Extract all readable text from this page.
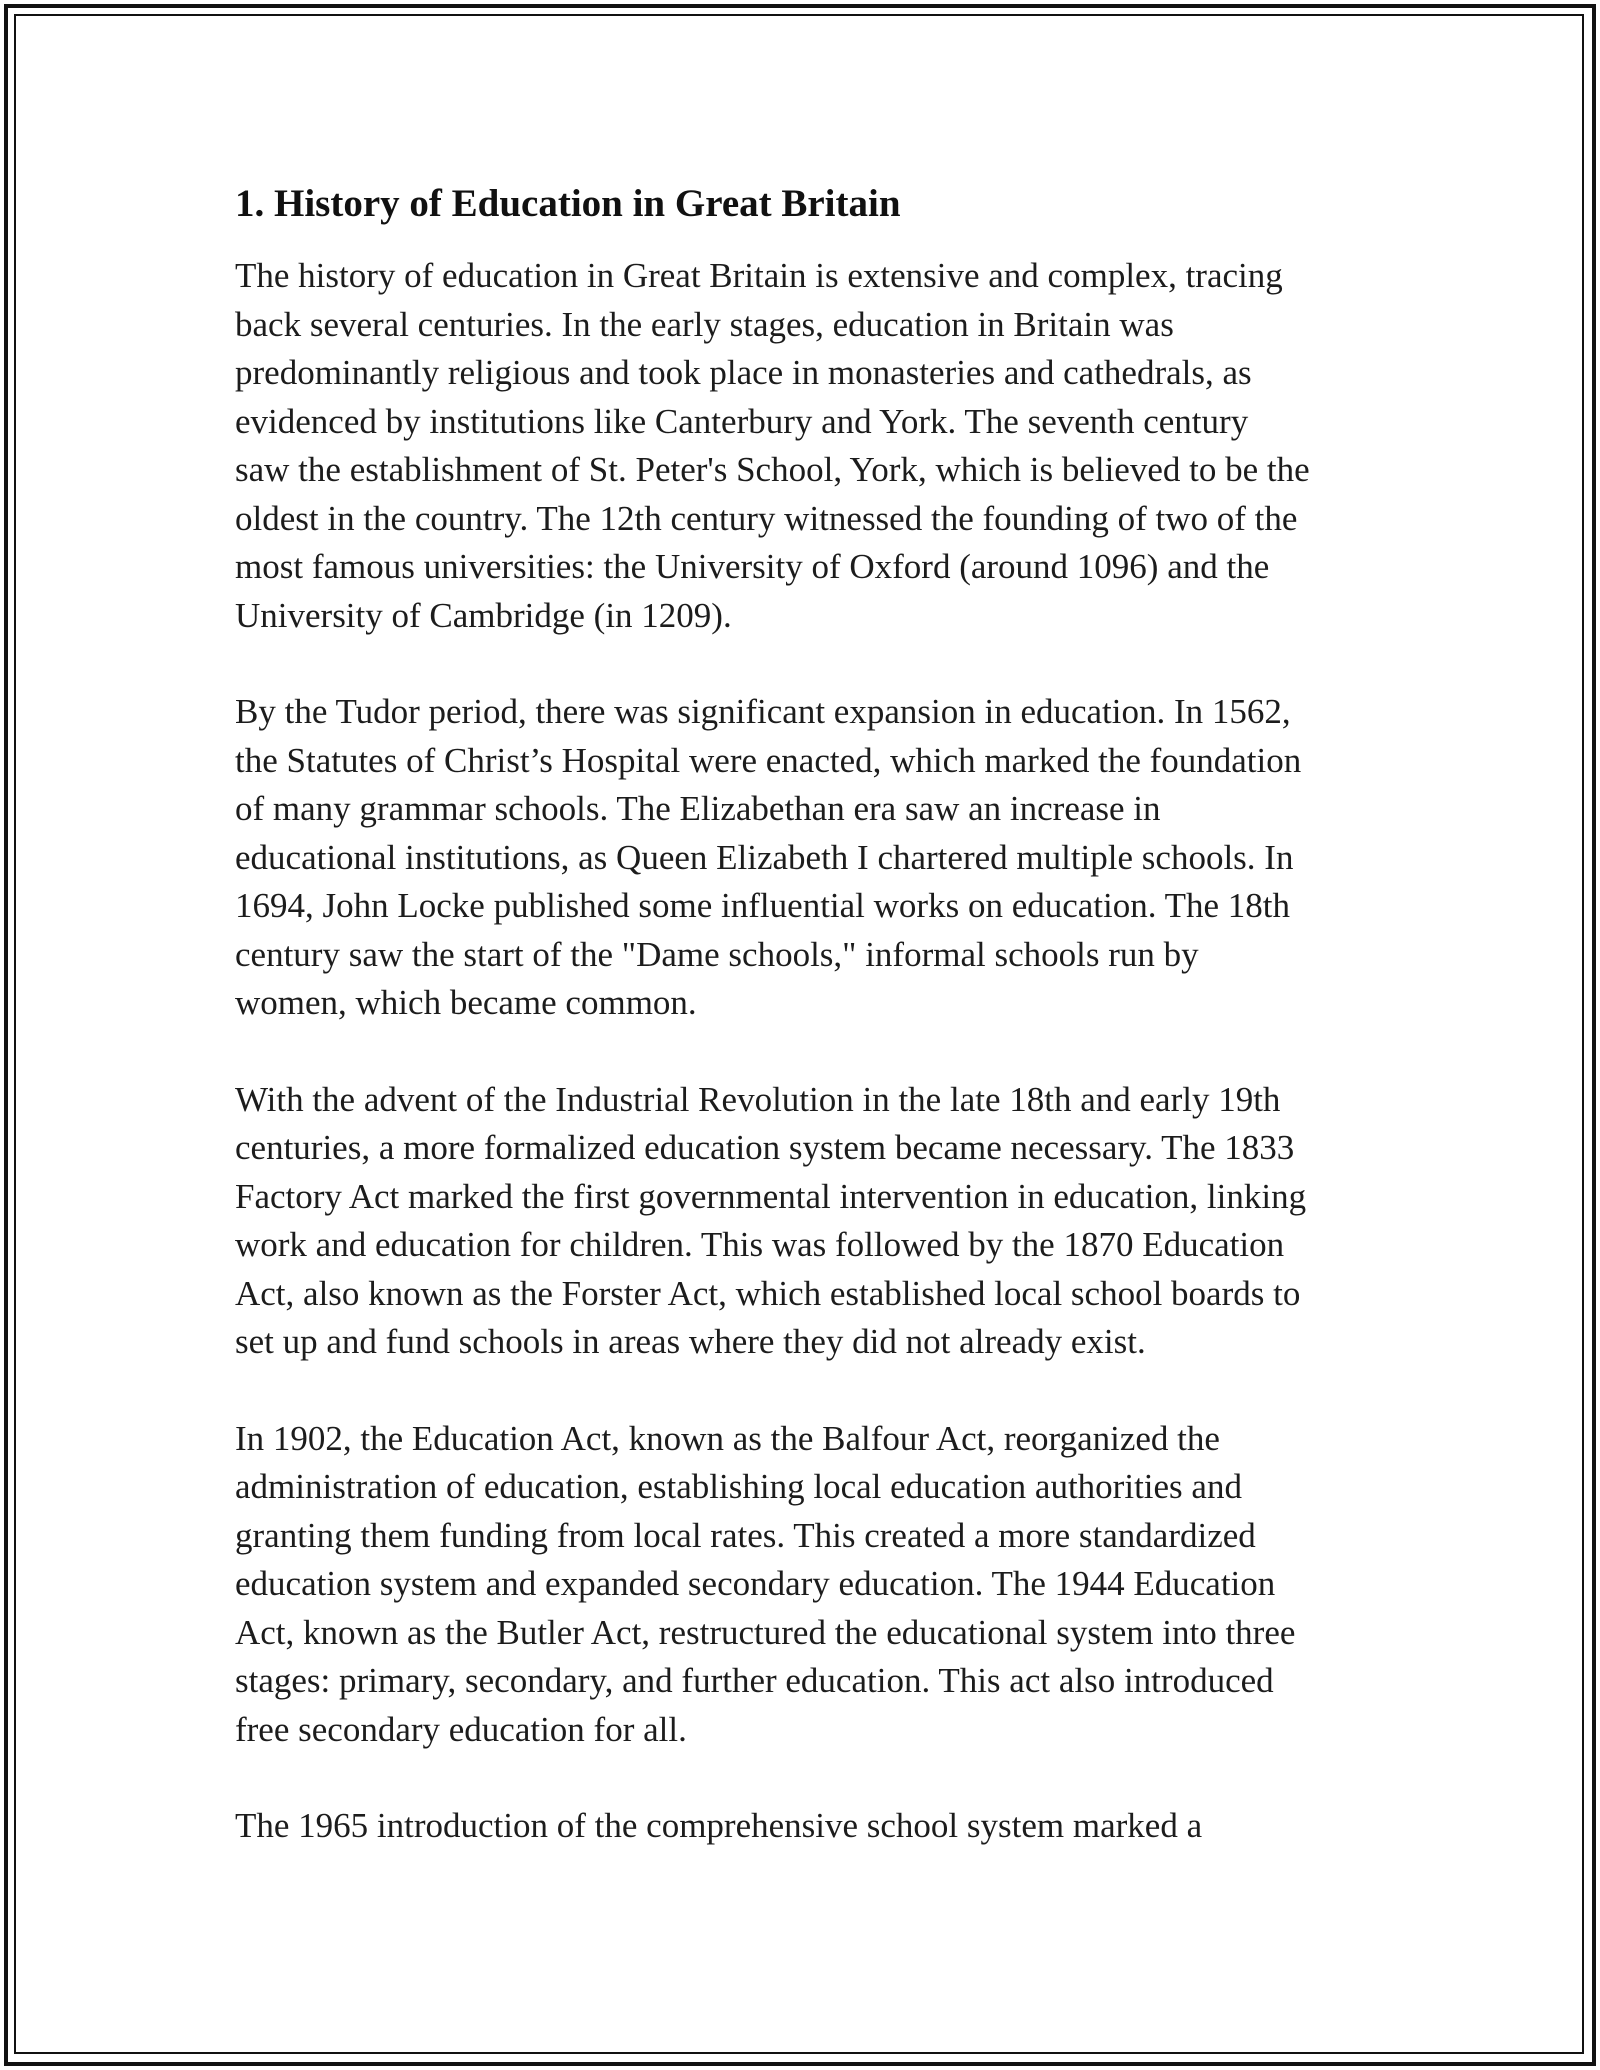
1. History of Education in Great Britain

The history of education in Great Britain is extensive and complex, tracing
back several centuries. In the early stages, education in Britain was
predominantly religious and took place in monasteries and cathedrals, as
evidenced by institutions like Canterbury and York. The seventh century
saw the establishment of St. Peter's School, York, which is believed to be the
oldest in the country. The 12th century witnessed the founding of two of the
most famous universities: the University of Oxford (around 1096) and the
University of Cambridge (in 1209).

By the Tudor period, there was significant expansion in education. In 1562,
the Statutes of Christ’s Hospital were enacted, which marked the foundation
of many grammar schools. The Elizabethan era saw an increase in
educational institutions, as Queen Elizabeth I chartered multiple schools. In
1694, John Locke published some influential works on education. The 18th
century saw the start of the "Dame schools," informal schools run by
women, which became common.

With the advent of the Industrial Revolution in the late 18th and early 19th
centuries, a more formalized education system became necessary. The 1833
Factory Act marked the first governmental intervention in education, linking
work and education for children. This was followed by the 1870 Education
Act, also known as the Forster Act, which established local school boards to
set up and fund schools in areas where they did not already exist.

In 1902, the Education Act, known as the Balfour Act, reorganized the
administration of education, establishing local education authorities and
granting them funding from local rates. This created a more standardized
education system and expanded secondary education. The 1944 Education
Act, known as the Butler Act, restructured the educational system into three
stages: primary, secondary, and further education. This act also introduced
free secondary education for all.

The 1965 introduction of the comprehensive school system marked a
